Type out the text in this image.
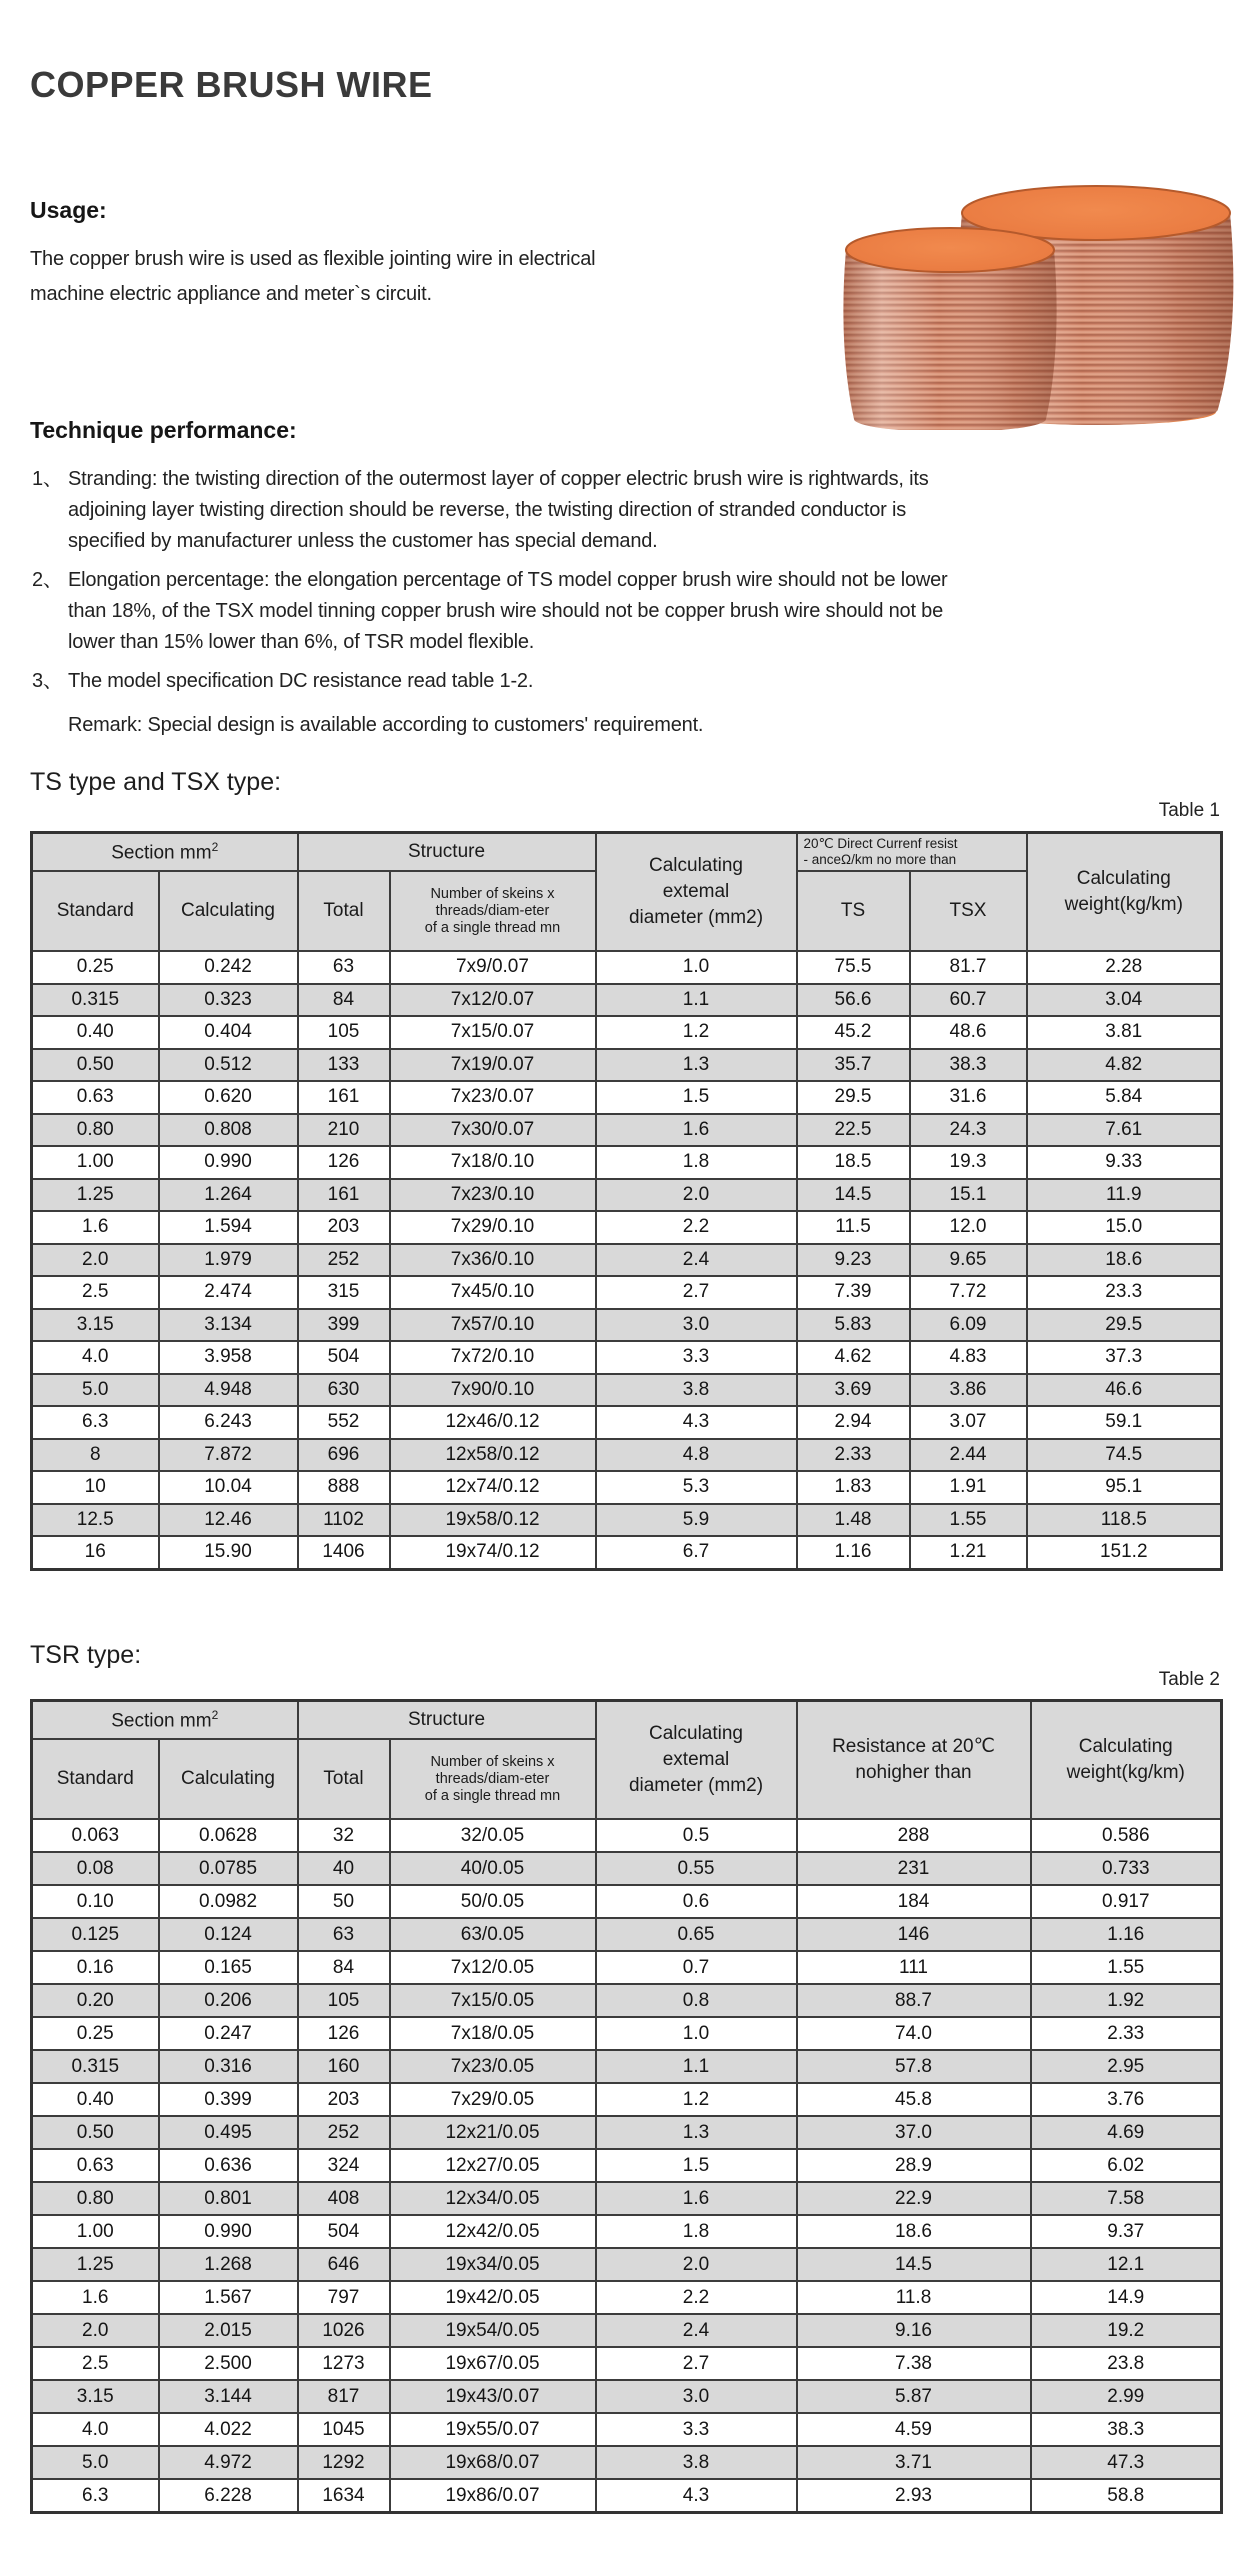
COPPER BRUSH WIRE
Usage:
The copper brush wire is used as flexible jointing wire in electrical
machine electric appliance and meter`s circuit.
Technique performance:
1、 Stranding: the twisting direction of the outermost layer of copper electric brush wire is rightwards, its
adjoining layer twisting direction should be reverse, the twisting direction of stranded conductor is
specified by manufacturer unless the customer has special demand.
2、 Elongation percentage: the elongation percentage of TS model copper brush wire should not be lower
than 18%, of the TSX model tinning copper brush wire should not be copper brush wire should not be
lower than 15% lower than 6%, of TSR model flexible.
3、 The model specification DC resistance read table 1-2.
Remark: Special design is available according to customers' requirement.
TS type and TSX type:
Table 1
Section $mm^2$	Structure	
Calculating
extemal
diameter (mm2)

20℃ Direct Currenf resist
- anceΩ/km no more than

Calculating
weight(kg/km)

Standard	Calculating	Total	Number of skeins x
threads/diam-eter
of a single thread mn		TS	TSX	
0.25	0.242	63	7x9/0.07	1.0	75.5	81.7	2.28
0.315	0.323	84	7x12/0.07	1.1	56.6	60.7	3.04
0.40	0.404	105	7x15/0.07	1.2	45.2	48.6	3.81
0.50	0.512	133	7x19/0.07	1.3	35.7	38.3	4.82
0.63	0.620	161	7x23/0.07	1.5	29.5	31.6	5.84
0.80	0.808	210	7x30/0.07	1.6	22.5	24.3	7.61
1.00	0.990	126	7x18/0.10	1.8	18.5	19.3	9.33
1.25	1.264	161	7x23/0.10	2.0	14.5	15.1	11.9
1.6	1.594	203	7x29/0.10	2.2	11.5	12.0	15.0
2.0	1.979	252	7x36/0.10	2.4	9.23	9.65	18.6
2.5	2.474	315	7x45/0.10	2.7	7.39	7.72	23.3
3.15	3.134	399	7x57/0.10	3.0	5.83	6.09	29.5
4.0	3.958	504	7x72/0.10	3.3	4.62	4.83	37.3
5.0	4.948	630	7x90/0.10	3.8	3.69	3.86	46.6
6.3	6.243	552	12x46/0.12	4.3	2.94	3.07	59.1
8	7.872	696	12x58/0.12	4.8	2.33	2.44	74.5
10	10.04	888	12x74/0.12	5.3	1.83	1.91	95.1
12.5	12.46	1102	19x58/0.12	5.9	1.48	1.55	118.5
16	15.90	1406	19x74/0.12	6.7	1.16	1.21	151.2
TSR type:
Table 2
Section $mm^2$	Structure	
Calculating
extemal
diameter (mm2)

Resistance at 20℃
nohigher than

Calculating
weight(kg/km)

Standard	Calculating	Total	Number of skeins x
threads/diam-eter
of a single thread mn			

0.063	0.0628	32	32/0.05	0.5	288	0.586
0.08	0.0785	40	40/0.05	0.55	231	0.733
0.10	0.0982	50	50/0.05	0.6	184	0.917
0.125	0.124	63	63/0.05	0.65	146	1.16
0.16	0.165	84	7x12/0.05	0.7	111	1.55
0.20	0.206	105	7x15/0.05	0.8	88.7	1.92
0.25	0.247	126	7x18/0.05	1.0	74.0	2.33
0.315	0.316	160	7x23/0.05	1.1	57.8	2.95
0.40	0.399	203	7x29/0.05	1.2	45.8	3.76
0.50	0.495	252	12x21/0.05	1.3	37.0	4.69
0.63	0.636	324	12x27/0.05	1.5	28.9	6.02
0.80	0.801	408	12x34/0.05	1.6	22.9	7.58
1.00	0.990	504	12x42/0.05	1.8	18.6	9.37
1.25	1.268	646	19x34/0.05	2.0	14.5	12.1
1.6	1.567	797	19x42/0.05	2.2	11.8	14.9
2.0	2.015	1026	19x54/0.05	2.4	9.16	19.2
2.5	2.500	1273	19x67/0.05	2.7	7.38	23.8
3.15	3.144	817	19x43/0.07	3.0	5.87	2.99
4.0	4.022	1045	19x55/0.07	3.3	4.59	38.3
5.0	4.972	1292	19x68/0.07	3.8	3.71	47.3
6.3	6.228	1634	19x86/0.07	4.3	2.93	58.8
